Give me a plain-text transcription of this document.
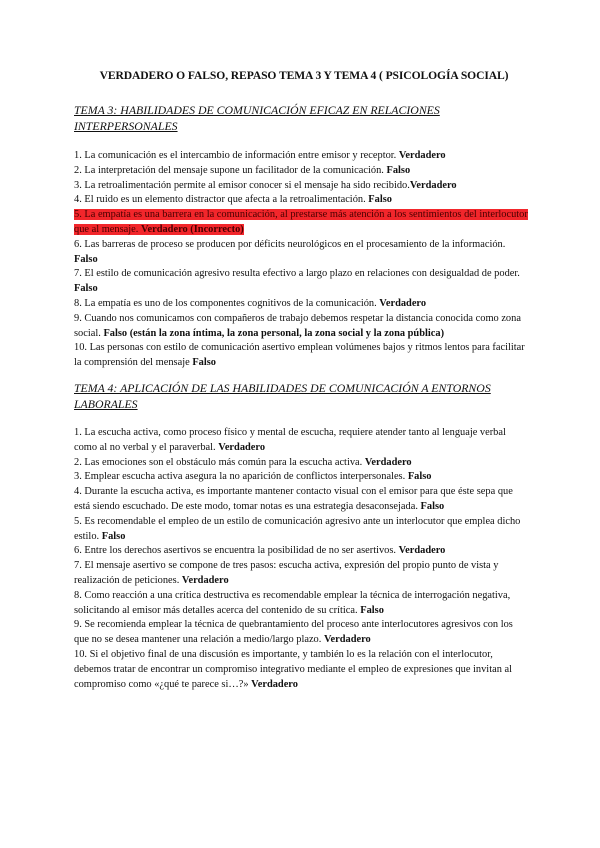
VERDADERO O FALSO, REPASO TEMA 3 Y TEMA 4 ( PSICOLOGÍA SOCIAL)
TEMA 3: HABILIDADES DE COMUNICACIÓN EFICAZ EN RELACIONES INTERPERSONALES

1. La comunicación es el intercambio de información entre emisor y receptor. Verdadero

2. La interpretación del mensaje supone un facilitador de la comunicación. Falso

3. La retroalimentación permite al emisor conocer si el mensaje ha sido recibido.Verdadero

4. El ruido es un elemento distractor que afecta a la retroalimentación. Falso

5. La empatía es una barrera en la comunicación, al prestarse más atención a los sentimientos del interlocutor que al mensaje. Verdadero (Incorrecto)

6. Las barreras de proceso se producen por déficits neurológicos en el procesamiento de la información. Falso

7. El estilo de comunicación agresivo resulta efectivo a largo plazo en relaciones con desigualdad de poder. Falso

8. La empatía es uno de los componentes cognitivos de la comunicación. Verdadero

9. Cuando nos comunicamos con compañeros de trabajo debemos respetar la distancia conocida como zona social. Falso (están la zona íntima, la zona personal, la zona social y la zona pública)

10. Las personas con estilo de comunicación asertivo emplean volúmenes bajos y ritmos lentos para facilitar la comprensión del mensaje Falso

TEMA 4: APLICACIÓN DE LAS HABILIDADES DE COMUNICACIÓN A ENTORNOS LABORALES

1. La escucha activa, como proceso físico y mental de escucha, requiere atender tanto al lenguaje verbal como al no verbal y el paraverbal. Verdadero

2. Las emociones son el obstáculo más común para la escucha activa. Verdadero

3. Emplear escucha activa asegura la no aparición de conflictos interpersonales. Falso

4. Durante la escucha activa, es importante mantener contacto visual con el emisor para que éste sepa que está siendo escuchado. De este modo, tomar notas es una estrategia desaconsejada. Falso

5. Es recomendable el empleo de un estilo de comunicación agresivo ante un interlocutor que emplea dicho estilo. Falso

6. Entre los derechos asertivos se encuentra la posibilidad de no ser asertivos. Verdadero

7. El mensaje asertivo se compone de tres pasos: escucha activa, expresión del propio punto de vista y realización de peticiones. Verdadero

8. Como reacción a una crítica destructiva es recomendable emplear la técnica de interrogación negativa, solicitando al emisor más detalles acerca del contenido de su crítica. Falso

9. Se recomienda emplear la técnica de quebrantamiento del proceso ante interlocutores agresivos con los que no se desea mantener una relación a medio/largo plazo. Verdadero

10. Si el objetivo final de una discusión es importante, y también lo es la relación con el interlocutor, debemos tratar de encontrar un compromiso integrativo mediante el empleo de expresiones que invitan al compromiso como «¿qué te parece si…?» Verdadero
